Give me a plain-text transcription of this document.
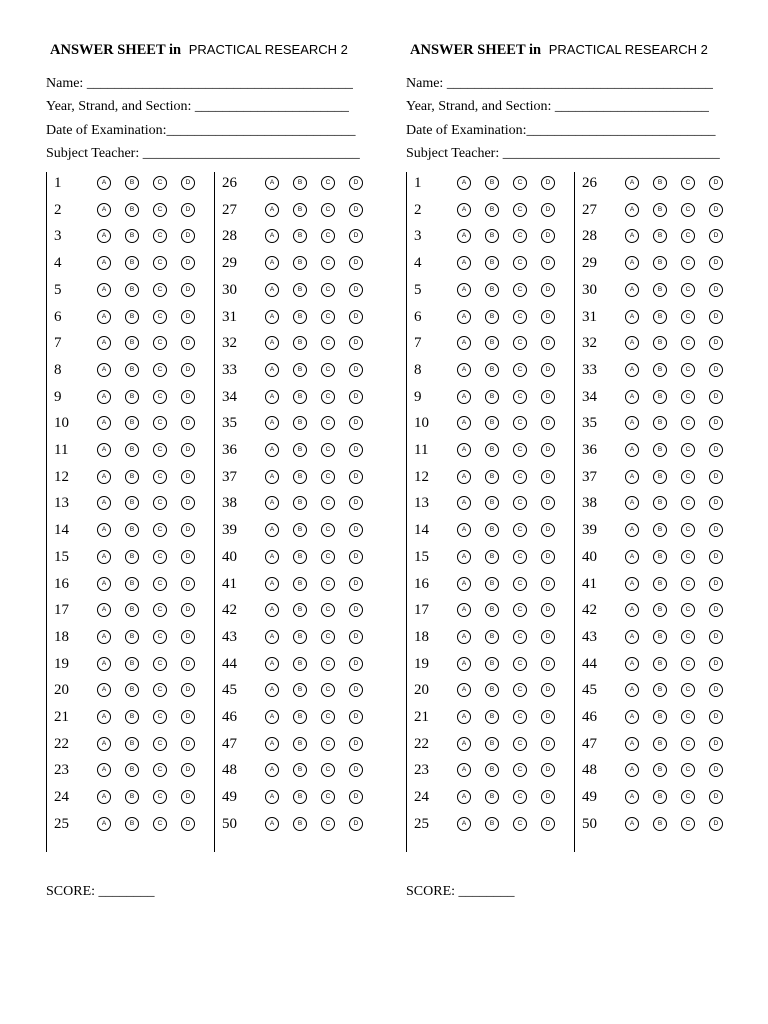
ANSWER SHEET in PRACTICAL RESEARCH 2
Name: ______________________________________
Year, Strand, and Section: ______________________
Date of Examination:___________________________
Subject Teacher: _______________________________
1	A	B	C	D
2	A	B	C	D
3	A	B	C	D
4	A	B	C	D
5	A	B	C	D
6	A	B	C	D
7	A	B	C	D
8	A	B	C	D
9	A	B	C	D
10	A	B	C	D
11	A	B	C	D
12	A	B	C	D
13	A	B	C	D
14	A	B	C	D
15	A	B	C	D
16	A	B	C	D
17	A	B	C	D
18	A	B	C	D
19	A	B	C	D
20	A	B	C	D
21	A	B	C	D
22	A	B	C	D
23	A	B	C	D
24	A	B	C	D
25	A	B	C	D
26	A	B	C	D
27	A	B	C	D
28	A	B	C	D
29	A	B	C	D
30	A	B	C	D
31	A	B	C	D
32	A	B	C	D
33	A	B	C	D
34	A	B	C	D
35	A	B	C	D
36	A	B	C	D
37	A	B	C	D
38	A	B	C	D
39	A	B	C	D
40	A	B	C	D
41	A	B	C	D
42	A	B	C	D
43	A	B	C	D
44	A	B	C	D
45	A	B	C	D
46	A	B	C	D
47	A	B	C	D
48	A	B	C	D
49	A	B	C	D
50	A	B	C	D
SCORE: ________
ANSWER SHEET in PRACTICAL RESEARCH 2
Name: ______________________________________
Year, Strand, and Section: ______________________
Date of Examination:___________________________
Subject Teacher: _______________________________
1	A	B	C	D
2	A	B	C	D
3	A	B	C	D
4	A	B	C	D
5	A	B	C	D
6	A	B	C	D
7	A	B	C	D
8	A	B	C	D
9	A	B	C	D
10	A	B	C	D
11	A	B	C	D
12	A	B	C	D
13	A	B	C	D
14	A	B	C	D
15	A	B	C	D
16	A	B	C	D
17	A	B	C	D
18	A	B	C	D
19	A	B	C	D
20	A	B	C	D
21	A	B	C	D
22	A	B	C	D
23	A	B	C	D
24	A	B	C	D
25	A	B	C	D
26	A	B	C	D
27	A	B	C	D
28	A	B	C	D
29	A	B	C	D
30	A	B	C	D
31	A	B	C	D
32	A	B	C	D
33	A	B	C	D
34	A	B	C	D
35	A	B	C	D
36	A	B	C	D
37	A	B	C	D
38	A	B	C	D
39	A	B	C	D
40	A	B	C	D
41	A	B	C	D
42	A	B	C	D
43	A	B	C	D
44	A	B	C	D
45	A	B	C	D
46	A	B	C	D
47	A	B	C	D
48	A	B	C	D
49	A	B	C	D
50	A	B	C	D
SCORE: ________
